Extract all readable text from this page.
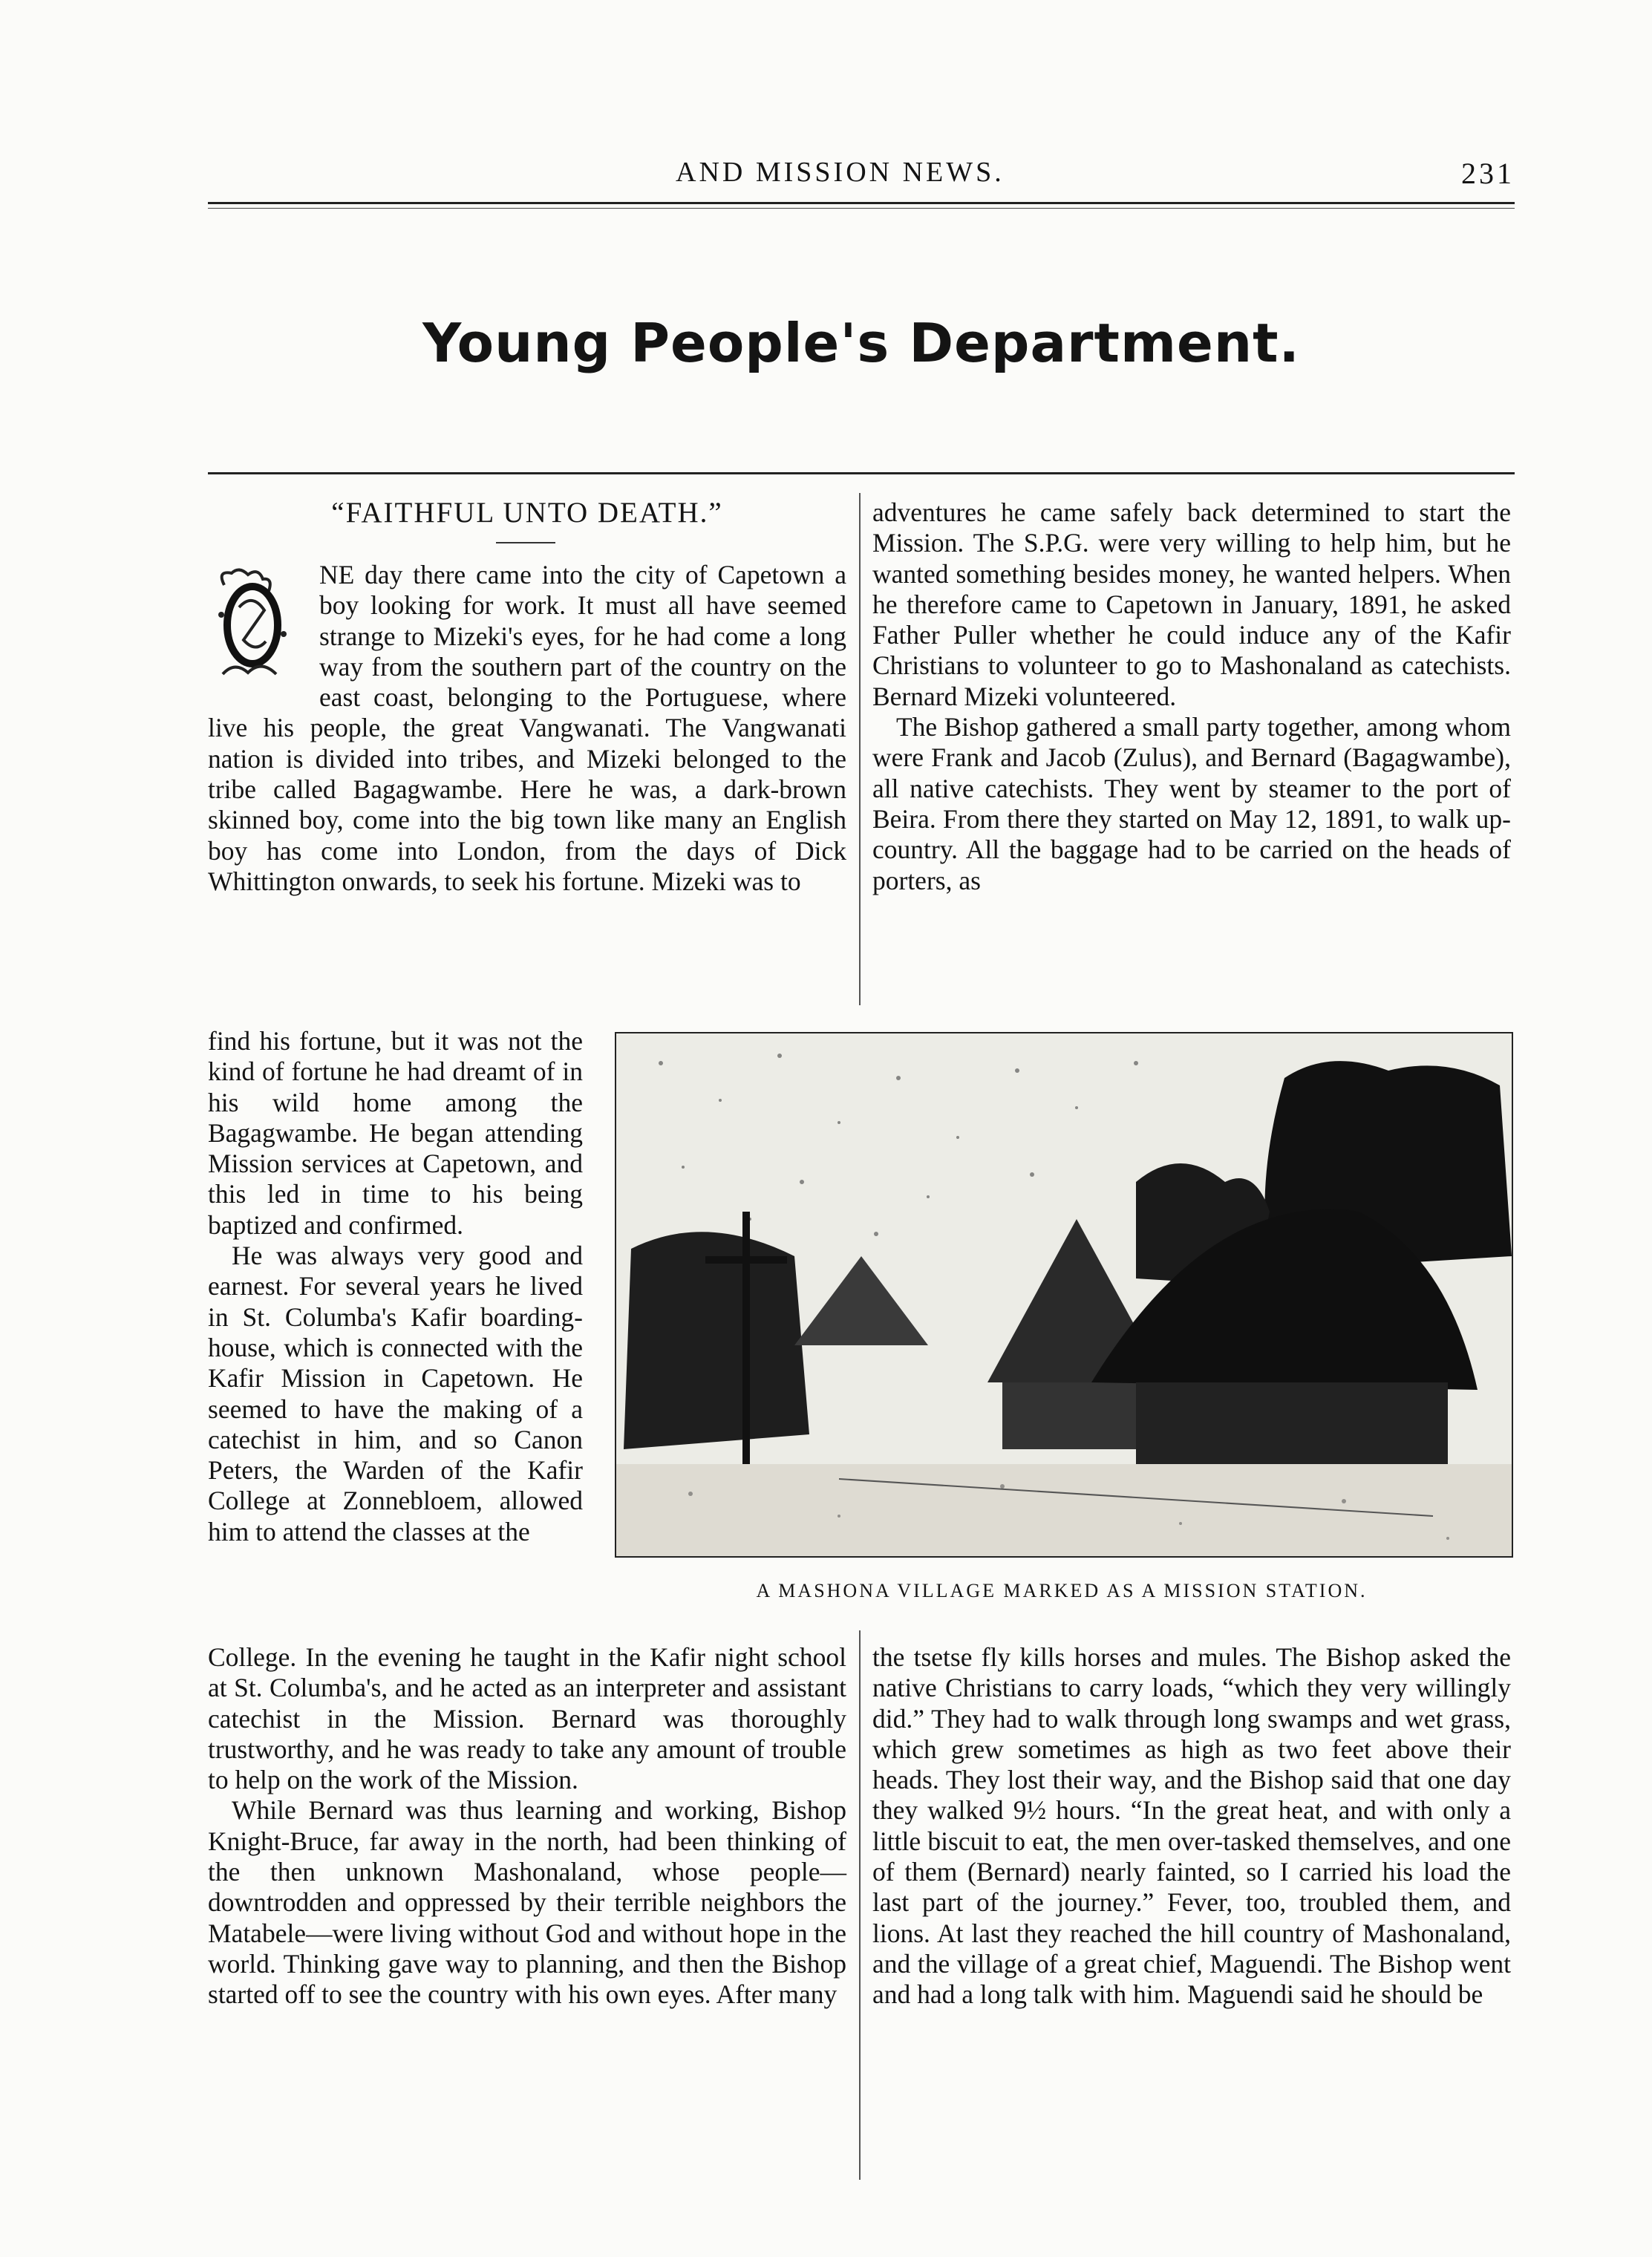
AND MISSION NEWS.	231
Young People's Department.
“FAITHFUL UNTO DEATH.”

NE day there came into the city of Capetown a boy looking for work. It must all have seemed strange to Mizeki's eyes, for he had come a long way from the southern part of the country on the east coast, belonging to the Portuguese, where live his people, the great Vangwanati. The Vangwanati nation is divided into tribes, and Mizeki belonged to the tribe called Bagagwambe. Here he was, a dark-brown skinned boy, come into the big town like many an English boy has come into London, from the days of Dick Whittington onwards, to seek his fortune. Mizeki was to

find his fortune, but it was not the kind of fortune he had dreamt of in his wild home among the Bagagwambe. He began attending Mission services at Capetown, and this led in time to his being baptized and confirmed.

He was always very good and earnest. For several years he lived in St. Columba's Kafir boarding-house, which is connected with the Kafir Mission in Capetown. He seemed to have the making of a catechist in him, and so Canon Peters, the Warden of the Kafir College at Zonnebloem, allowed him to attend the classes at the

College. In the evening he taught in the Kafir night school at St. Columba's, and he acted as an interpreter and assistant catechist in the Mission. Bernard was thoroughly trustworthy, and he was ready to take any amount of trouble to help on the work of the Mission.

While Bernard was thus learning and working, Bishop Knight-Bruce, far away in the north, had been thinking of the then unknown Mashonaland, whose people—downtrodden and oppressed by their terrible neighbors the Matabele—were living without God and without hope in the world. Thinking gave way to planning, and then the Bishop started off to see the country with his own eyes. After many

adventures he came safely back determined to start the Mission. The S.P.G. were very willing to help him, but he wanted something besides money, he wanted helpers. When he therefore came to Capetown in January, 1891, he asked Father Puller whether he could induce any of the Kafir Christians to volunteer to go to Mashonaland as catechists. Bernard Mizeki volunteered.

The Bishop gathered a small party together, among whom were Frank and Jacob (Zulus), and Bernard (Bagagwambe), all native catechists. They went by steamer to the port of Beira. From there they started on May 12, 1891, to walk up-country. All the baggage had to be carried on the heads of porters, as

the tsetse fly kills horses and mules. The Bishop asked the native Christians to carry loads, “which they very willingly did.” They had to walk through long swamps and wet grass, which grew sometimes as high as two feet above their heads. They lost their way, and the Bishop said that one day they walked 9½ hours. “In the great heat, and with only a little biscuit to eat, the men over-tasked themselves, and one of them (Bernard) nearly fainted, so I carried his load the last part of the journey.” Fever, too, troubled them, and lions. At last they reached the hill country of Mashonaland, and the village of a great chief, Maguendi. The Bishop went and had a long talk with him. Maguendi said he should be

A MASHONA VILLAGE MARKED AS A MISSION STATION.
